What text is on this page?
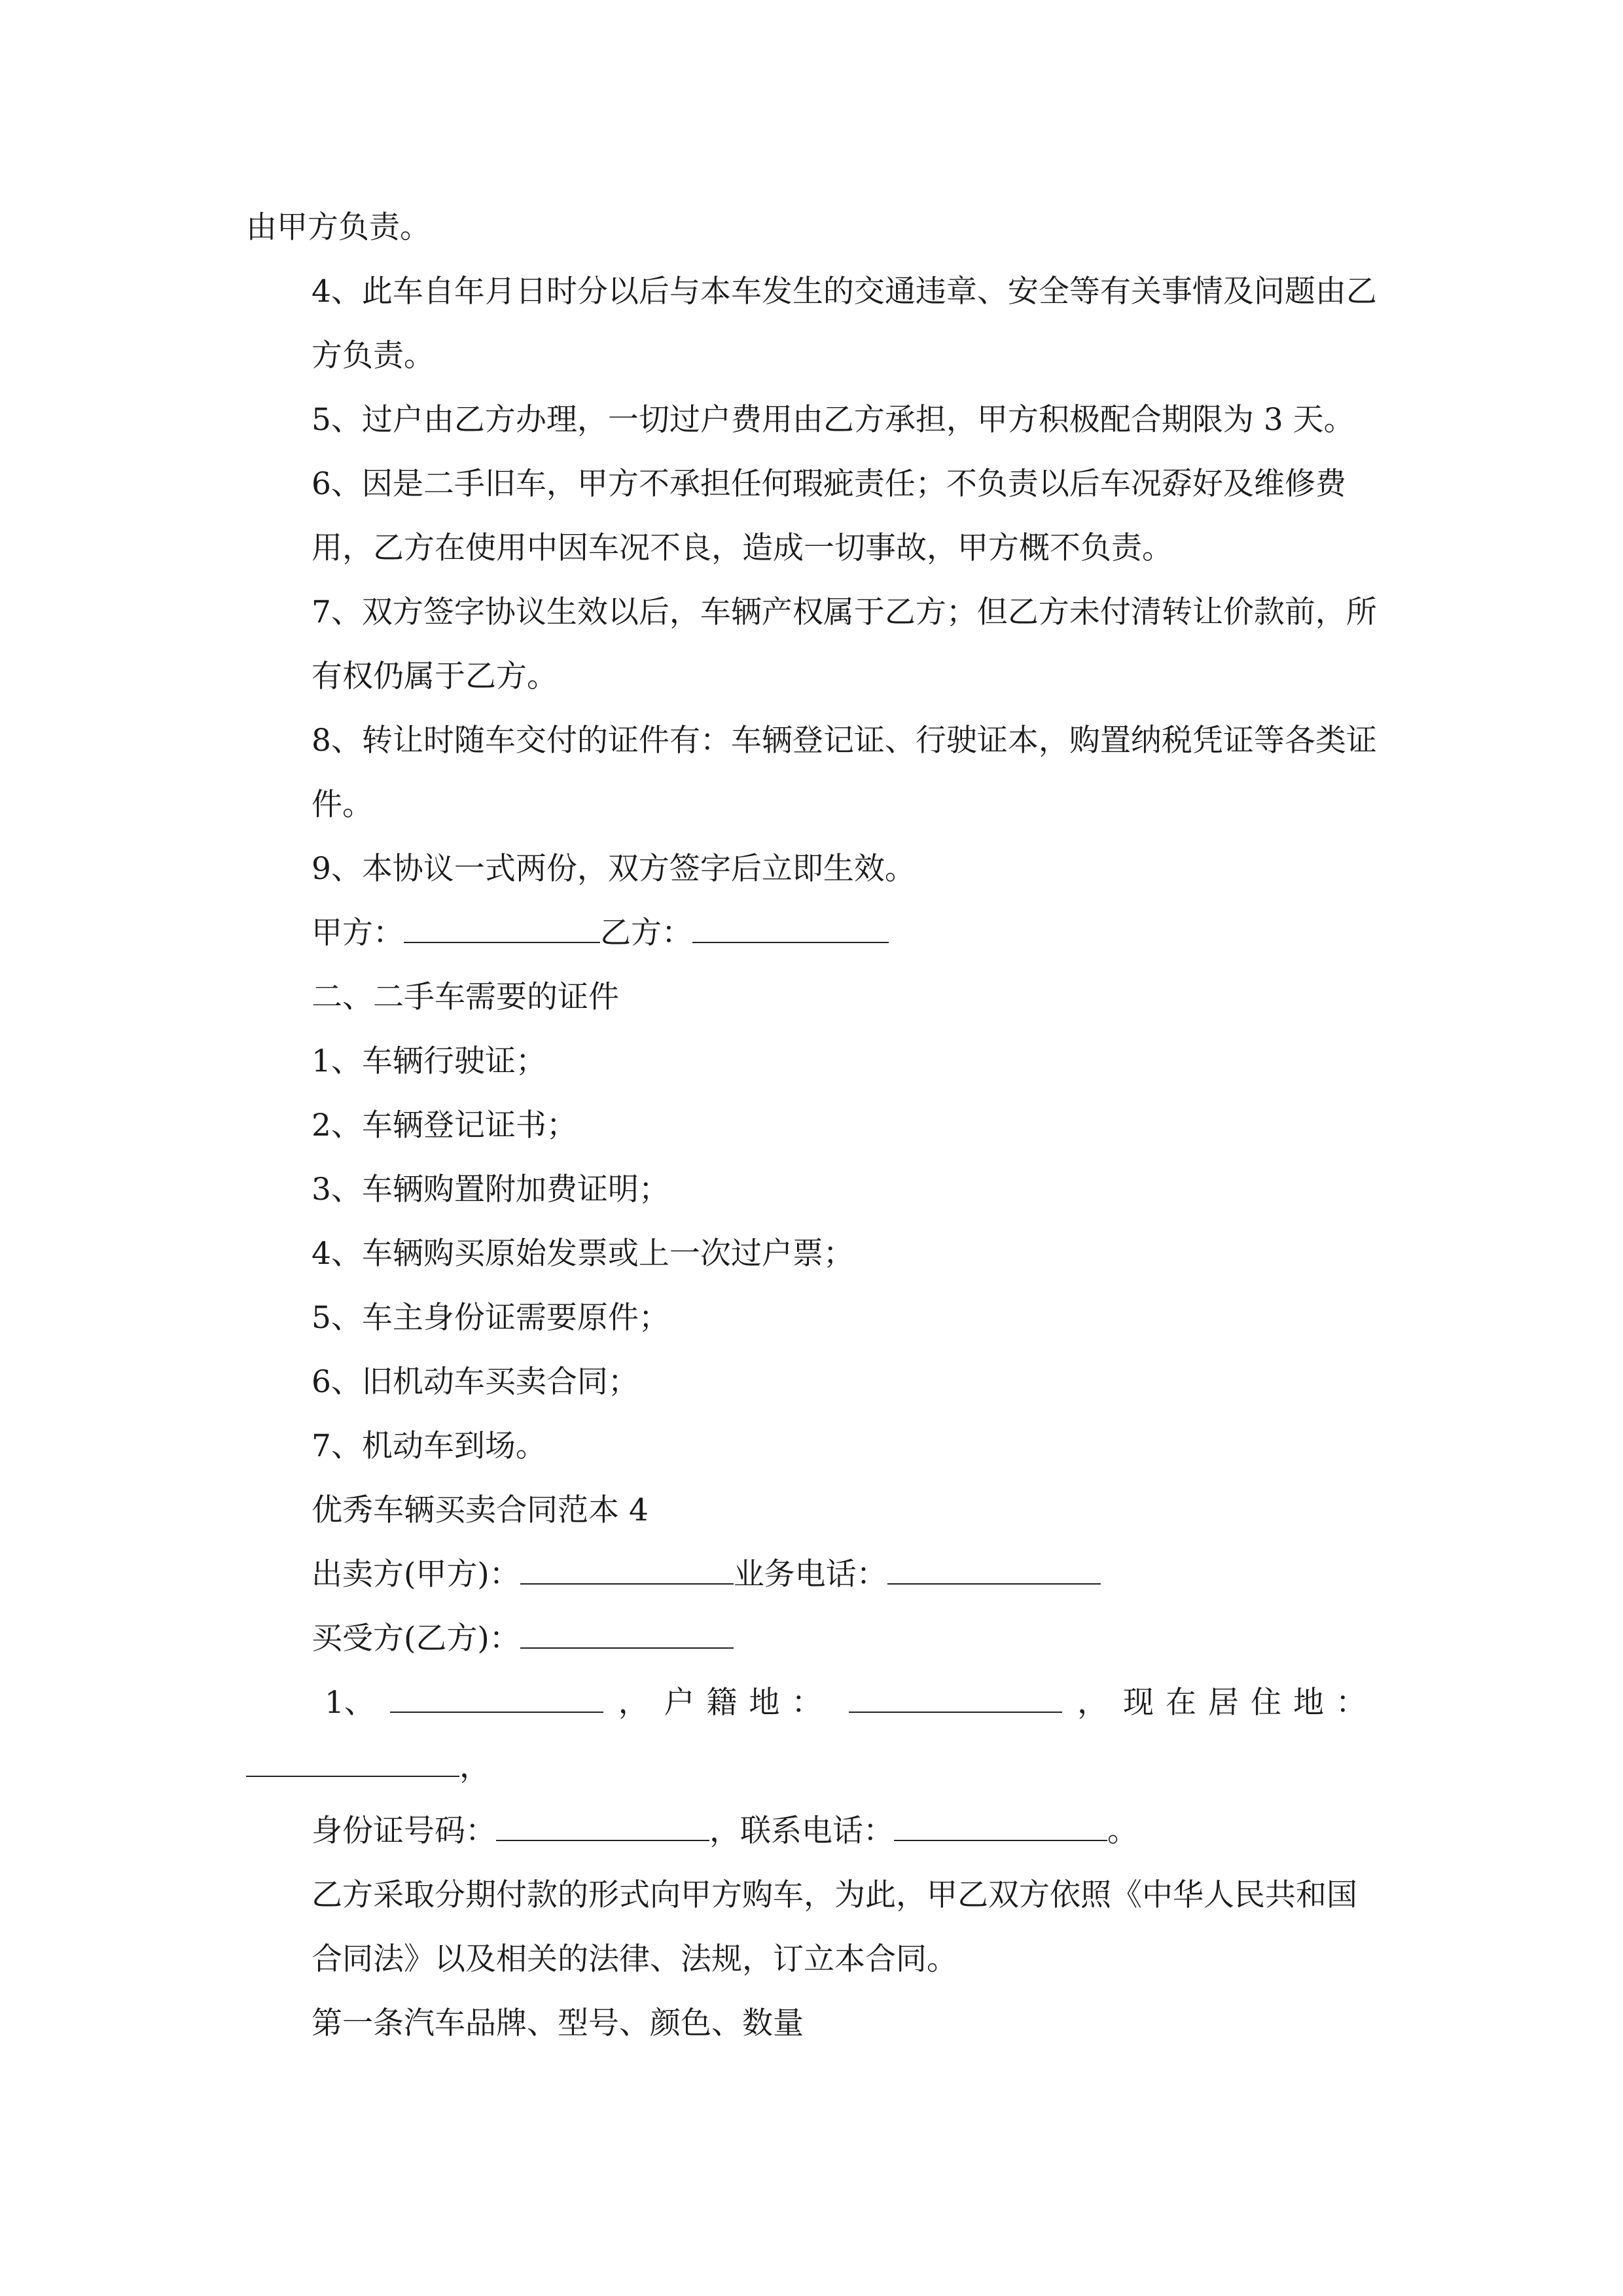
由甲方负责。

4、此车自年月日时分以后与本车发生的交通违章、安全等有关事情及问题由乙方负责。

5、过户由乙方办理，一切过户费用由乙方承担，甲方积极配合期限为 3 天。

6、因是二手旧车，甲方不承担任何瑕疵责任；不负责以后车况孬好及维修费用，乙方在使用中因车况不良，造成一切事故，甲方概不负责。

7、双方签字协议生效以后，车辆产权属于乙方；但乙方未付清转让价款前，所有权仍属于乙方。

8、转让时随车交付的证件有：车辆登记证、行驶证本，购置纳税凭证等各类证件。

9、本协议一式两份，双方签字后立即生效。

甲方：	乙方：

二、二手车需要的证件

1、车辆行驶证；

2、车辆登记证书；

3、车辆购置附加费证明；

4、车辆购买原始发票或上一次过户票；

5、车主身份证需要原件；

6、旧机动车买卖合同；

7、机动车到场。

优秀车辆买卖合同范本 4

出卖方(甲方)：	业务电话：

买受方(乙方)：

1、	， 户籍地：	， 现在居住地：

，

身份证号码：	，联系电话：	。

乙方采取分期付款的形式向甲方购车，为此，甲乙双方依照《中华人民共和国合同法》以及相关的法律、法规，订立本合同。

第一条汽车品牌、型号、颜色、数量
